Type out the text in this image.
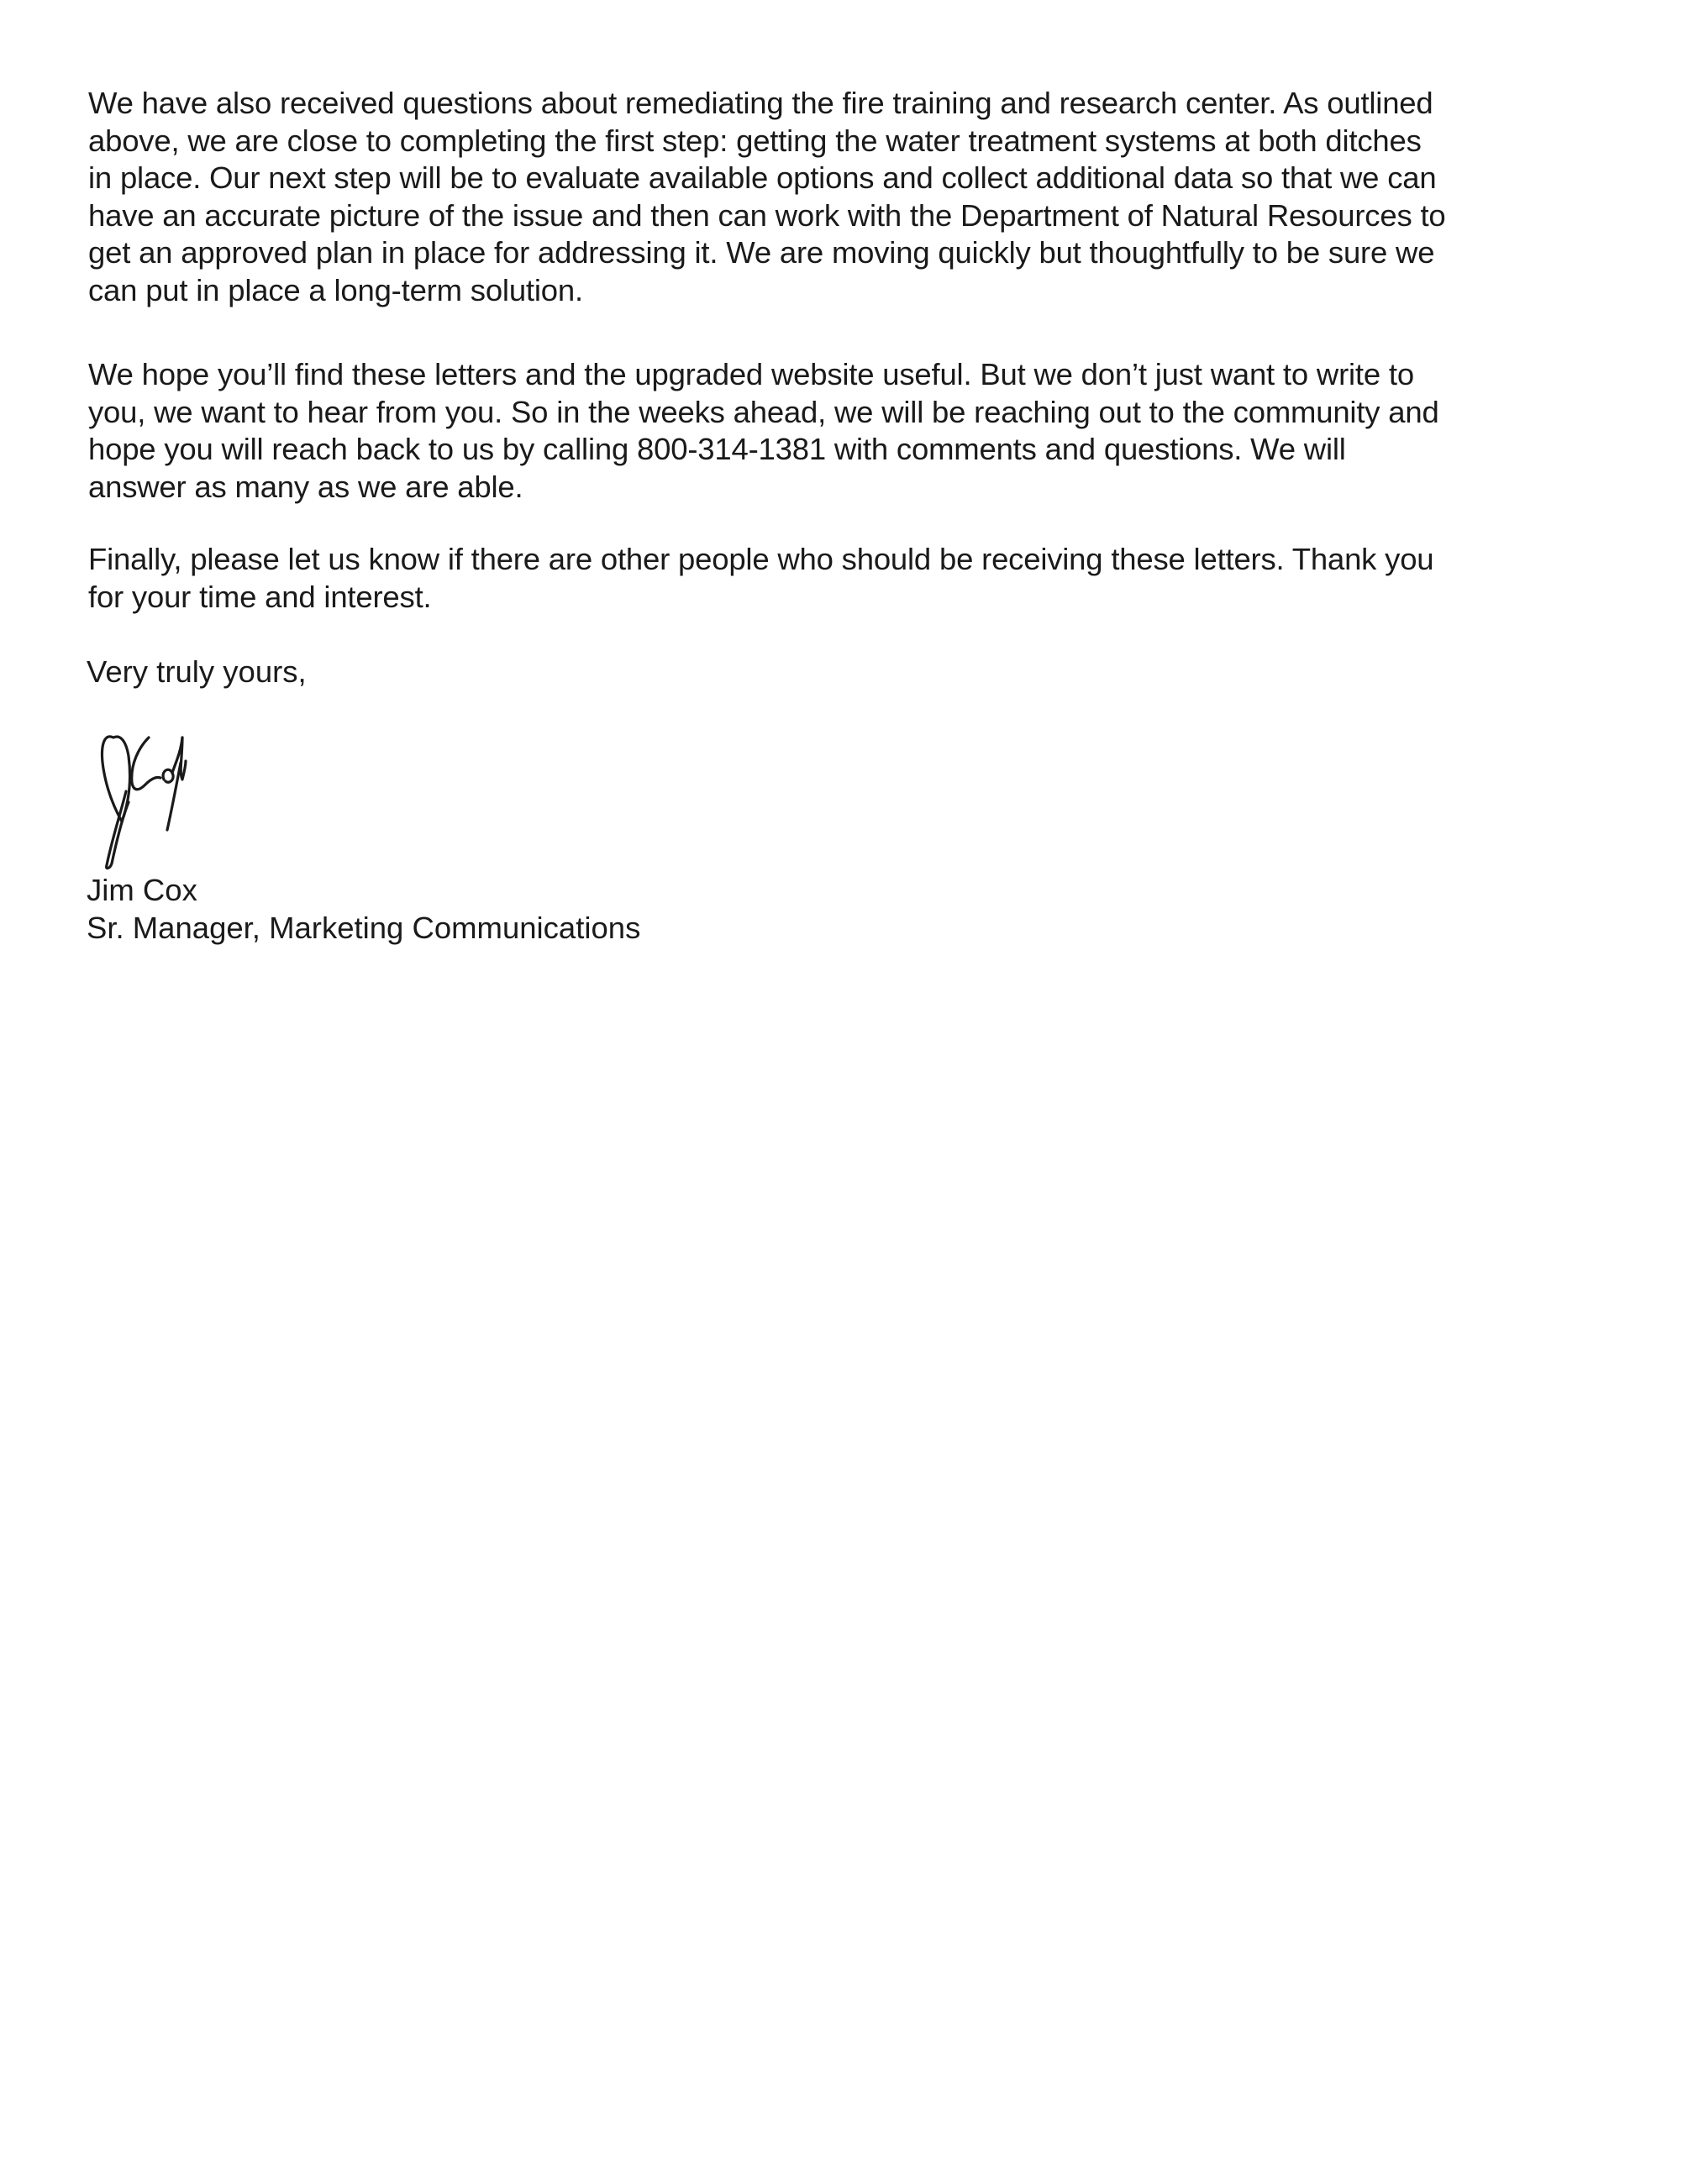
We have also received questions about remediating the fire training and research center. As outlined
above, we are close to completing the first step: getting the water treatment systems at both ditches
in place. Our next step will be to evaluate available options and collect additional data so that we can
have an accurate picture of the issue and then can work with the Department of Natural Resources to
get an approved plan in place for addressing it. We are moving quickly but thoughtfully to be sure we
can put in place a long-term solution.

We hope you’ll find these letters and the upgraded website useful. But we don’t just want to write to
you, we want to hear from you. So in the weeks ahead, we will be reaching out to the community and
hope you will reach back to us by calling 800-314-1381 with comments and questions. We will
answer as many as we are able.

Finally, please let us know if there are other people who should be receiving these letters. Thank you
for your time and interest.

Very truly yours,
Jim Cox
Sr. Manager, Marketing Communications
